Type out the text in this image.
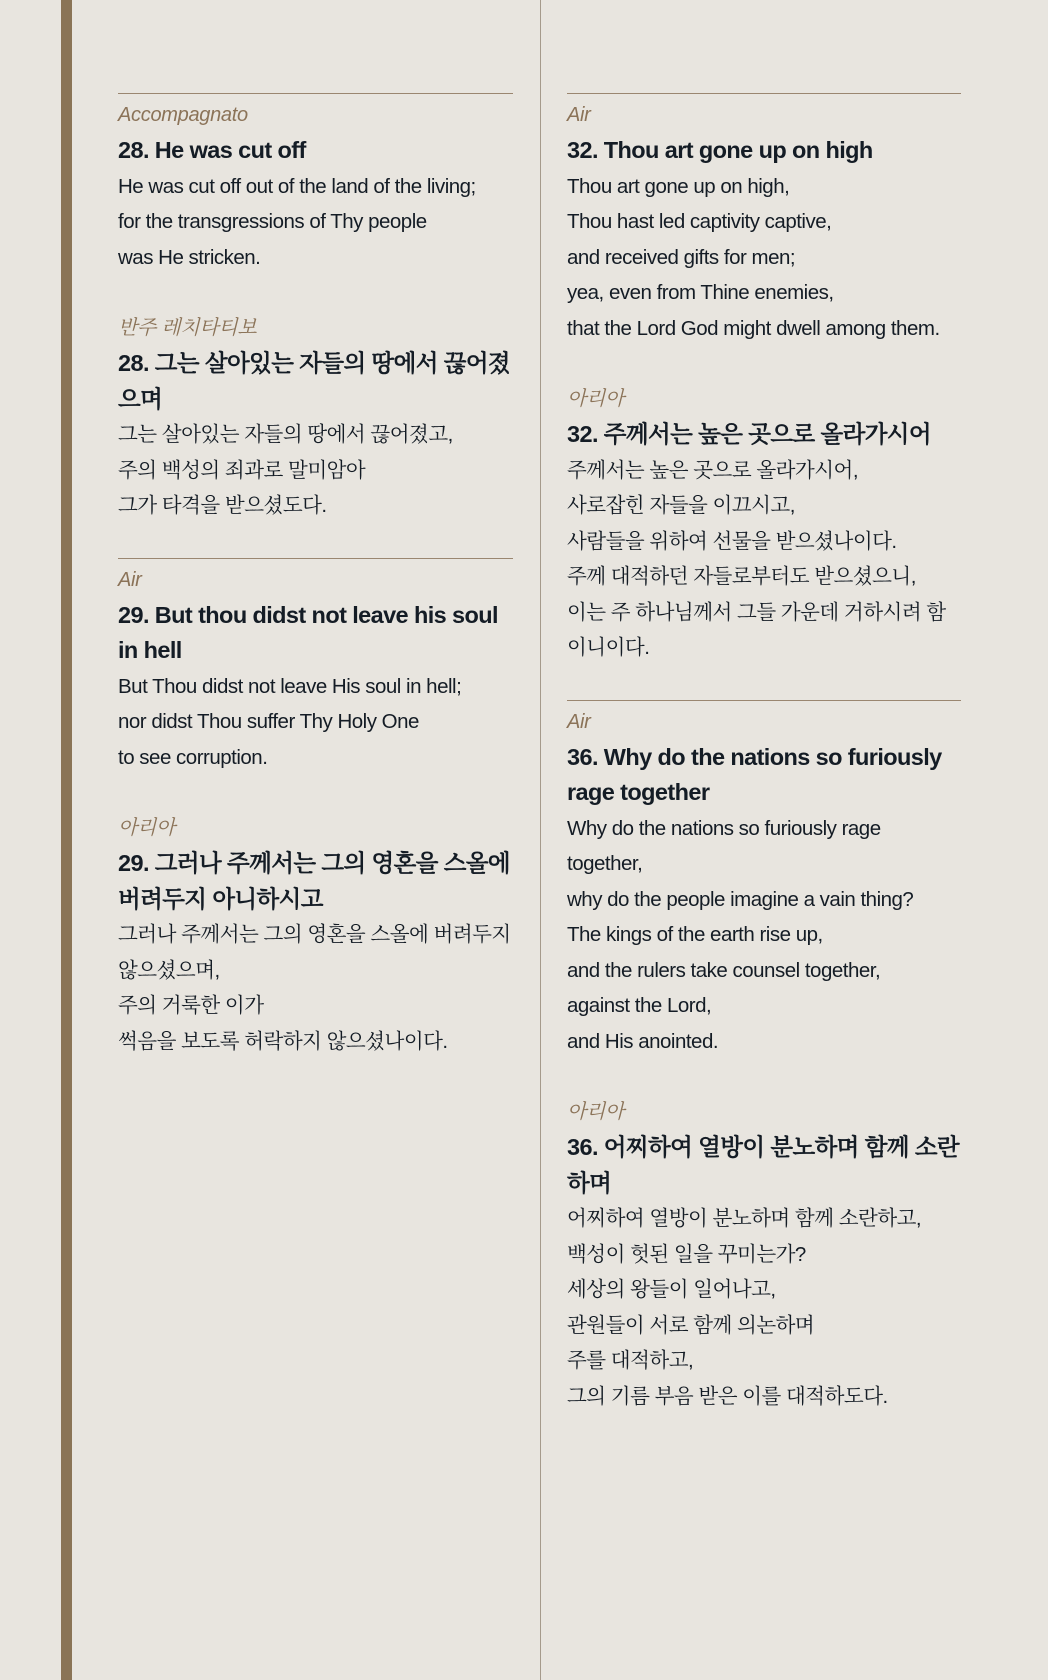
Accompagnato
28. He was cut off
He was cut off out of the land of the living;
for the transgressions of Thy people
was He stricken.
반주 레치타티보
28. 그는 살아있는 자들의 땅에서 끊어졌으며
그는 살아있는 자들의 땅에서 끊어졌고,
주의 백성의 죄과로 말미암아
그가 타격을 받으셨도다.
Air
29. But thou didst not leave his soul in hell
But Thou didst not leave His soul in hell;
nor didst Thou suffer Thy Holy One
to see corruption.
아리아
29. 그러나 주께서는 그의 영혼을 스올에 버려두지 아니하시고
그러나 주께서는 그의 영혼을 스올에 버려두지 않으셨으며,
주의 거룩한 이가
썩음을 보도록 허락하지 않으셨나이다.
Air
32. Thou art gone up on high
Thou art gone up on high,
Thou hast led captivity captive,
and received gifts for men;
yea, even from Thine enemies,
that the Lord God might dwell among them.
아리아
32. 주께서는 높은 곳으로 올라가시어
주께서는 높은 곳으로 올라가시어,
사로잡힌 자들을 이끄시고,
사람들을 위하여 선물을 받으셨나이다.
주께 대적하던 자들로부터도 받으셨으니,
이는 주 하나님께서 그들 가운데 거하시려 함이니이다.
Air
36. Why do the nations so furiously rage together
Why do the nations so furiously rage together,
why do the people imagine a vain thing?
The kings of the earth rise up,
and the rulers take counsel together,
against the Lord,
and His anointed.
아리아
36. 어찌하여 열방이 분노하며 함께 소란하며
어찌하여 열방이 분노하며 함께 소란하고,
백성이 헛된 일을 꾸미는가?
세상의 왕들이 일어나고,
관원들이 서로 함께 의논하며
주를 대적하고,
그의 기름 부음 받은 이를 대적하도다.
